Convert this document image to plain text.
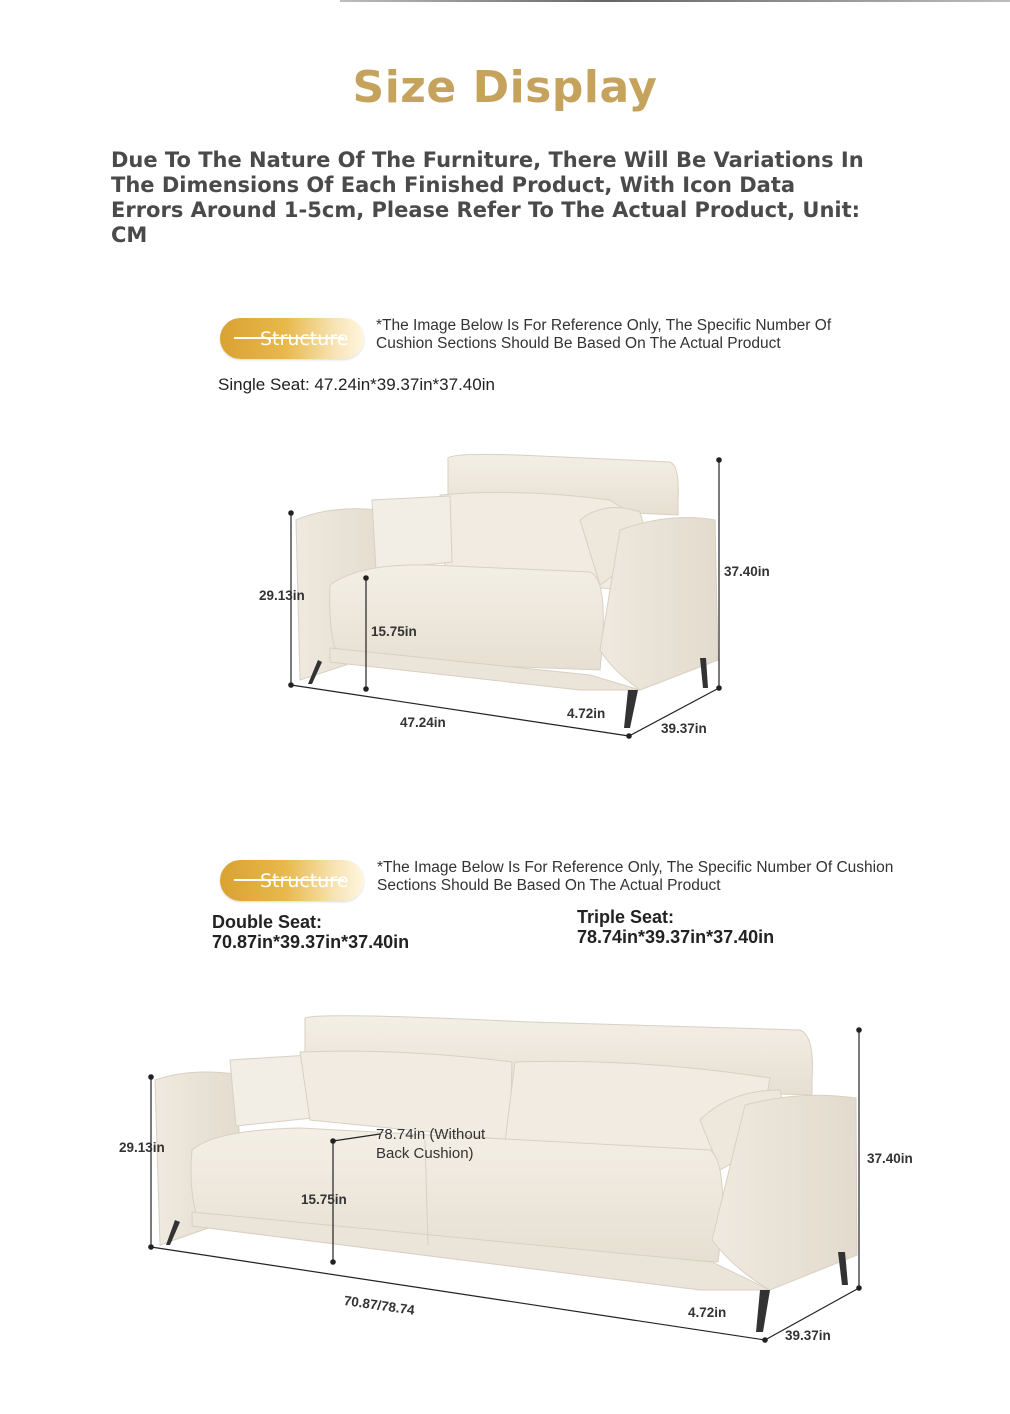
Size Display
Due To The Nature Of The Furniture, There Will Be Variations In The Dimensions Of Each Finished Product, With Icon Data Errors Around 1-5cm, Please Refer To The Actual Product, Unit: CM
Structure
*The Image Below Is For Reference Only, The Specific Number Of
Cushion Sections Should Be Based On The Actual Product
Single Seat: 47.24in*39.37in*37.40in
29.13in
15.75in
37.40in
47.24in
4.72in
39.37in
Structure
*The Image Below Is For Reference Only, The Specific Number Of Cushion
Sections Should Be Based On The Actual Product
Double Seat:
70.87in*39.37in*37.40in
Triple Seat:
78.74in*39.37in*37.40in
29.13in
78.74in (Without
Back Cushion)
15.75in
37.40in
70.87/78.74	4.72in
39.37in
